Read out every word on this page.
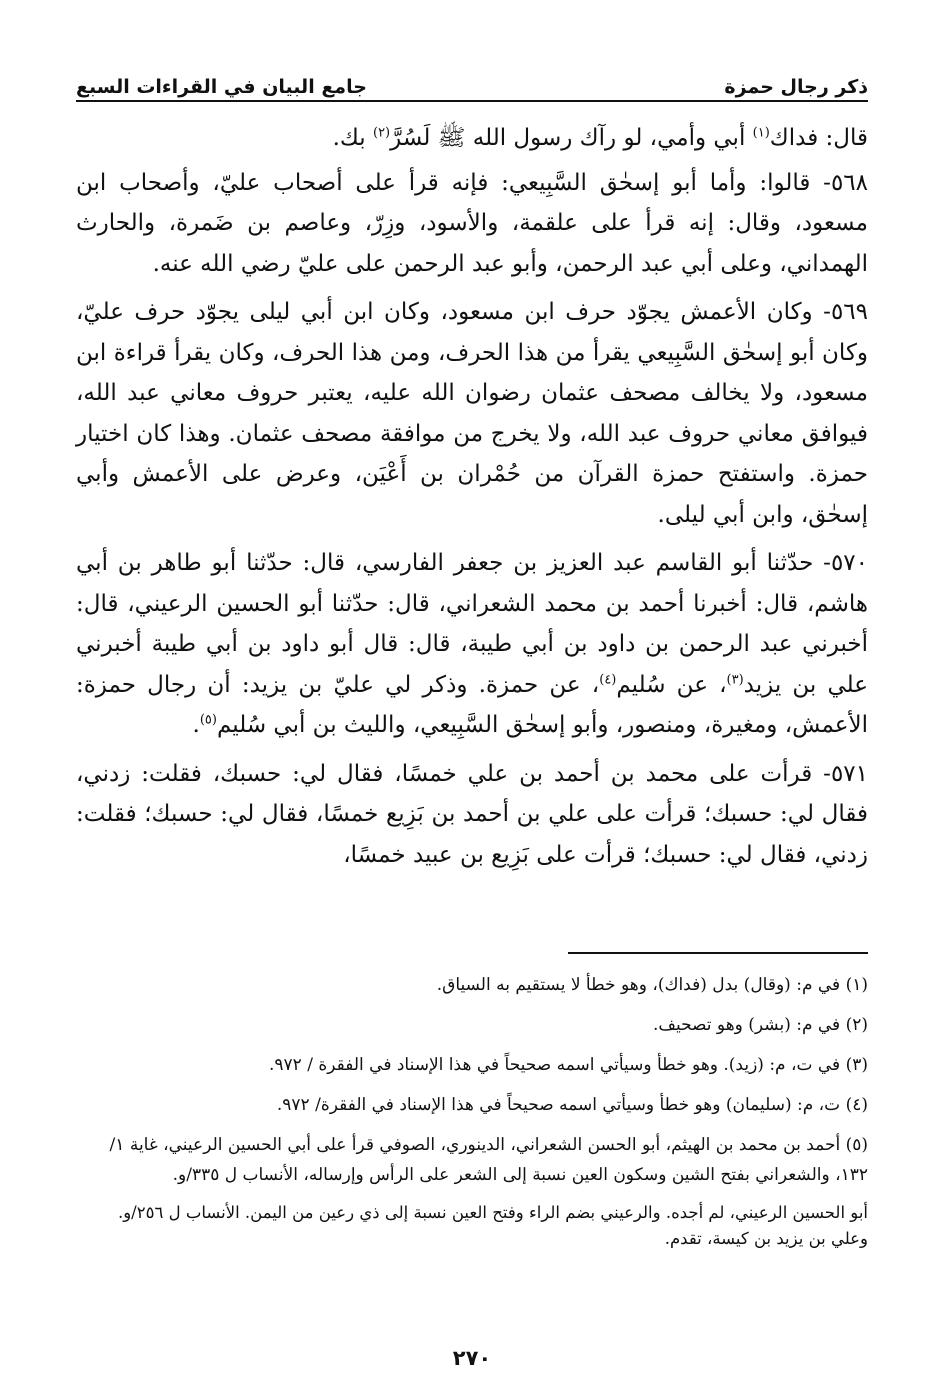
ذكر رجال حمزة
جامع البيان في القراءات السبع

قال: فداك$^{(١)}$ أبي وأمي، لو رآك رسول الله ﷺ لَسُرَّ$^{(٢)}$ بك.

٥٦٨- قالوا: وأما أبو إسحٰق السَّبِيعي: فإنه قرأ على أصحاب عليّ، وأصحاب ابن مسعود، وقال: إنه قرأ على علقمة، والأسود، وزِرّ، وعاصم بن ضَمرة، والحارث الهمداني، وعلى أبي عبد الرحمن، وأبو عبد الرحمن على عليّ رضي الله عنه.

٥٦٩- وكان الأعمش يجوّد حرف ابن مسعود، وكان ابن أبي ليلى يجوّد حرف عليّ، وكان أبو إسحٰق السَّبِيعي يقرأ من هذا الحرف، ومن هذا الحرف، وكان يقرأ قراءة ابن مسعود، ولا يخالف مصحف عثمان رضوان الله عليه، يعتبر حروف معاني عبد الله، فيوافق معاني حروف عبد الله، ولا يخرج من موافقة مصحف عثمان. وهذا كان اختيار حمزة. واستفتح حمزة القرآن من حُمْران بن أَعْيَن، وعرض على الأعمش وأبي إسحٰق، وابن أبي ليلى.

٥٧٠- حدّثنا أبو القاسم عبد العزيز بن جعفر الفارسي، قال: حدّثنا أبو طاهر بن أبي هاشم، قال: أخبرنا أحمد بن محمد الشعراني، قال: حدّثنا أبو الحسين الرعيني، قال: أخبرني عبد الرحمن بن داود بن أبي طيبة، قال: قال أبو داود بن أبي طيبة أخبرني علي بن يزيد$^{(٣)}$، عن سُليم$^{(٤)}$، عن حمزة. وذكر لي عليّ بن يزيد: أن رجال حمزة: الأعمش، ومغيرة، ومنصور، وأبو إسحٰق السَّبِيعي، والليث بن أبي سُليم$^{(٥)}$.

٥٧١- قرأت على محمد بن أحمد بن علي خمسًا، فقال لي: حسبك، فقلت: زدني، فقال لي: حسبك؛ قرأت على علي بن أحمد بن بَزِيع خمسًا، فقال لي: حسبك؛ فقلت: زدني، فقال لي: حسبك؛ قرأت على بَزِيع بن عبيد خمسًا،

(١) في م: (وقال) بدل (فداك)، وهو خطأ لا يستقيم به السياق.

(٢) في م: (بشر) وهو تصحيف.

(٣) في ت، م: (زيد). وهو خطأ وسيأتي اسمه صحيحاً في هذا الإسناد في الفقرة / ٩٧٢.

(٤) ت، م: (سليمان) وهو خطأ وسيأتي اسمه صحيحاً في هذا الإسناد في الفقرة/ ٩٧٢.

(٥) أحمد بن محمد بن الهيثم، أبو الحسن الشعراني، الدينوري، الصوفي قرأ على أبي الحسين الرعيني، غاية ١/ ١٣٢، والشعراني بفتح الشين وسكون العين نسبة إلى الشعر على الرأس وإرساله، الأنساب ل ٣٣٥/و.

أبو الحسين الرعيني، لم أجده. والرعيني بضم الراء وفتح العين نسبة إلى ذي رعين من اليمن. الأنساب ل ٢٥٦/و. وعلي بن يزيد بن كيسة، تقدم.

٢٧٠
